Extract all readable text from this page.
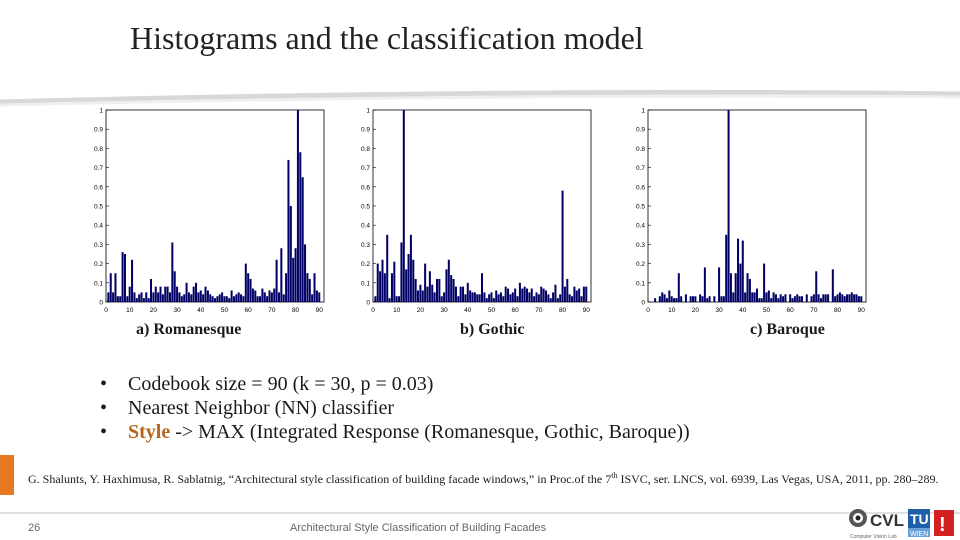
Histograms and the classification model
0
0.1
0.2
0.3
0.4
0.5
0.6
0.7
0.8
0.9
1
0	10	20	30	40	50	60	70	80	90
0
0.1
0.2
0.3
0.4
0.5
0.6
0.7
0.8
0.9
1
0	10	20	30	40	50	60	70	80	90
0
0.1
0.2
0.3
0.4
0.5
0.6
0.7
0.8
0.9
1
0	10	20	30	40	50	60	70	80	90
a) Romanesque	b) Gothic	c) Baroque
• Codebook size = 90 (k = 30, p = 0.03)
• Nearest Neighbor (NN) classifier
• Style -> MAX (Integrated Response (Romanesque, Gothic, Baroque))
G. Shalunts, Y. Haxhimusa, R. Sablatnig, “Architectural style classification of building facade windows,” in Proc.of the 7th ISVC, ser. LNCS, vol. 6939, Las Vegas, USA, 2011, pp. 280–289.
26	Architectural Style Classification of Building Facades	CVL
Computer Vision Lab
TU
WIEN !
